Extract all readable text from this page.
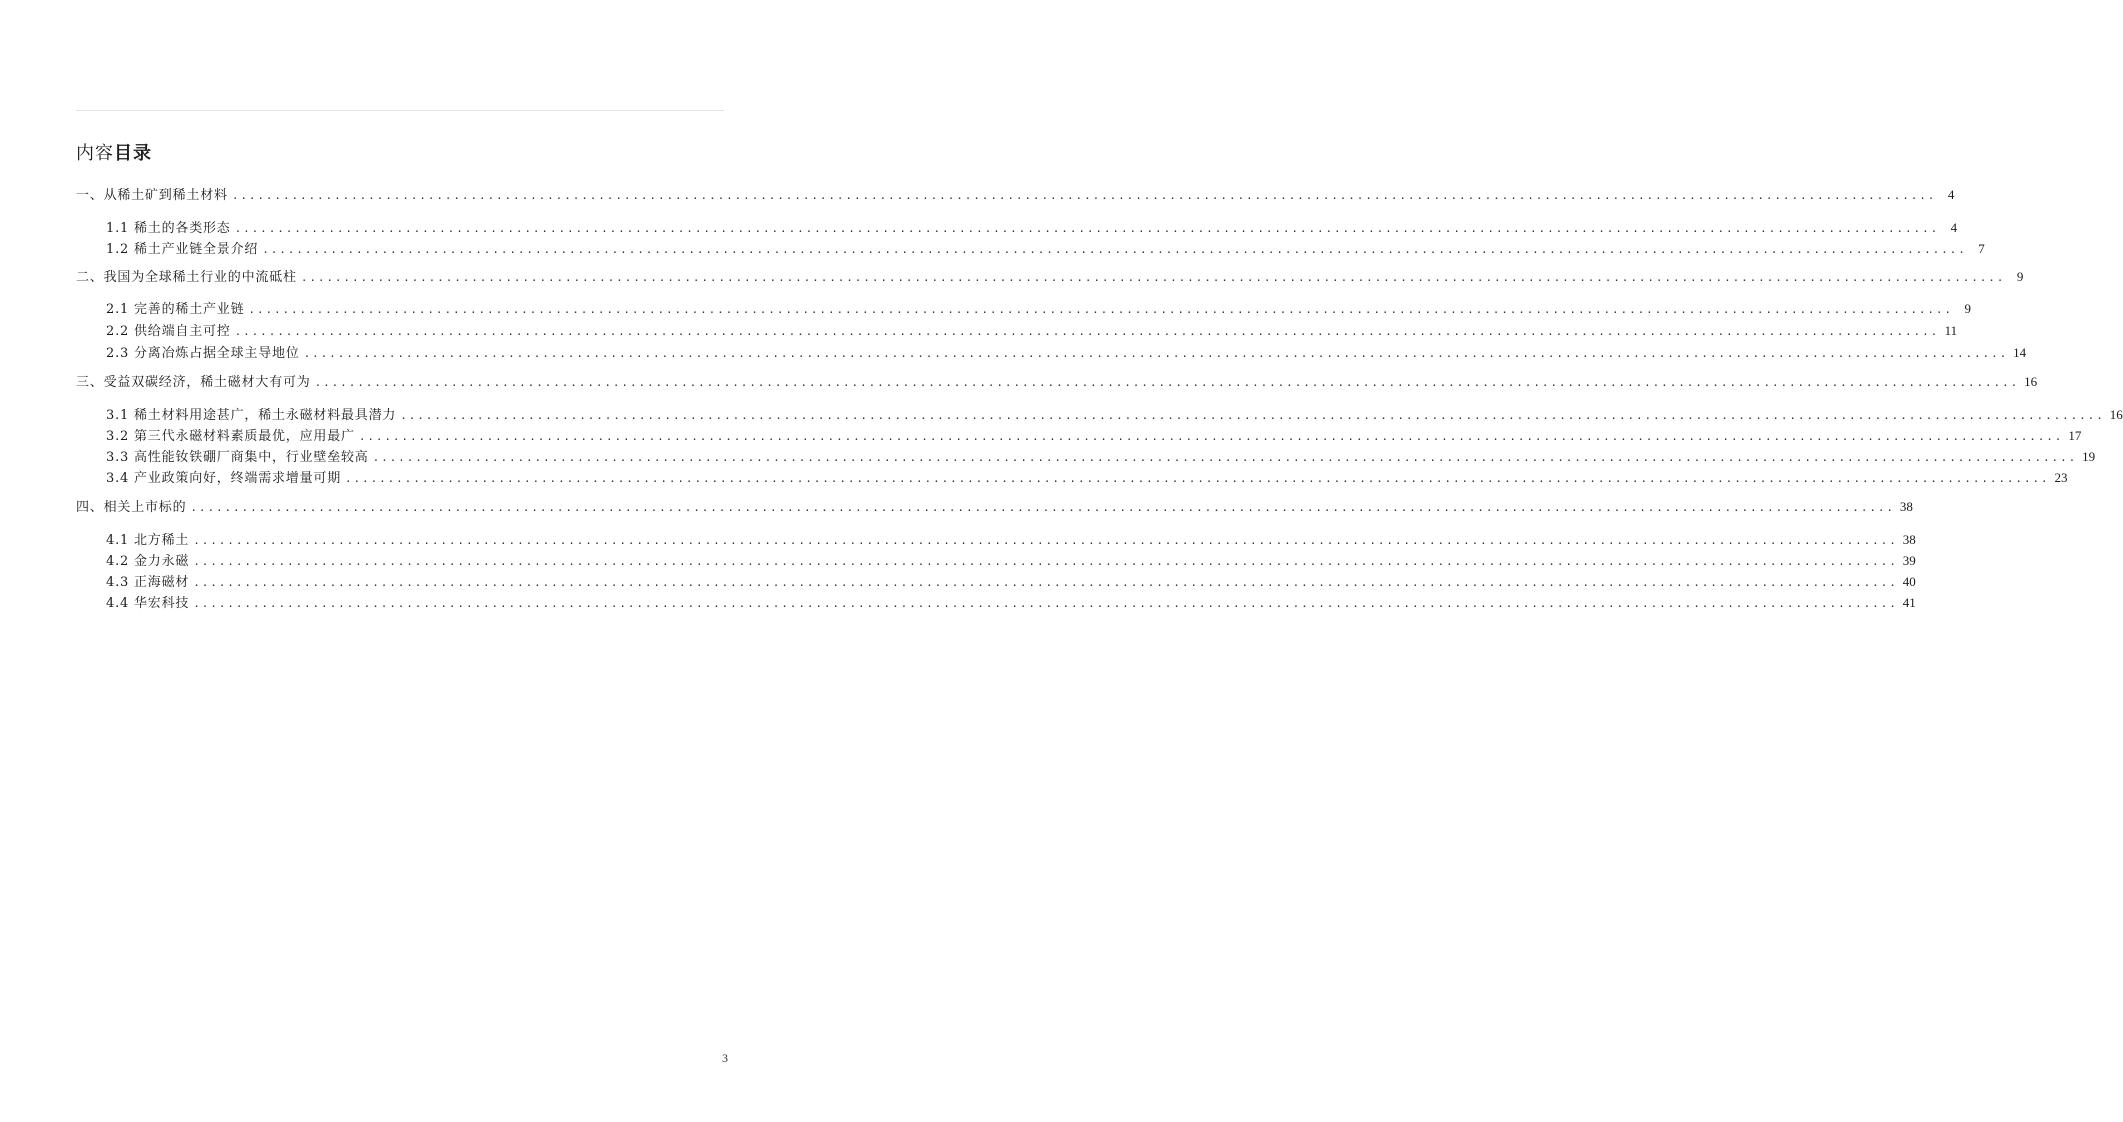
内容目录
一、从稀土矿到稀土材料 ........................................................................................................................................................................................................ 4
1.1 稀土的各类形态 ........................................................................................................................................................................................................ 4
1.2 稀土产业链全景介绍 ........................................................................................................................................................................................................ 7
二、我国为全球稀土行业的中流砥柱 ........................................................................................................................................................................................................ 9
2.1 完善的稀土产业链 ........................................................................................................................................................................................................ 9
2.2 供给端自主可控 ........................................................................................................................................................................................................ 11
2.3 分离冶炼占据全球主导地位 ........................................................................................................................................................................................................ 14
三、受益双碳经济，稀土磁材大有可为 ........................................................................................................................................................................................................ 16
3.1 稀土材料用途甚广，稀土永磁材料最具潜力 ........................................................................................................................................................................................................ 16
3.2 第三代永磁材料素质最优，应用最广 ........................................................................................................................................................................................................ 17
3.3 高性能钕铁硼厂商集中，行业壁垒较高 ........................................................................................................................................................................................................ 19
3.4 产业政策向好，终端需求增量可期 ........................................................................................................................................................................................................ 23
四、相关上市标的 ........................................................................................................................................................................................................ 38
4.1 北方稀土 ........................................................................................................................................................................................................ 38
4.2 金力永磁 ........................................................................................................................................................................................................ 39
4.3 正海磁材 ........................................................................................................................................................................................................ 40
4.4 华宏科技 ........................................................................................................................................................................................................ 41
3
